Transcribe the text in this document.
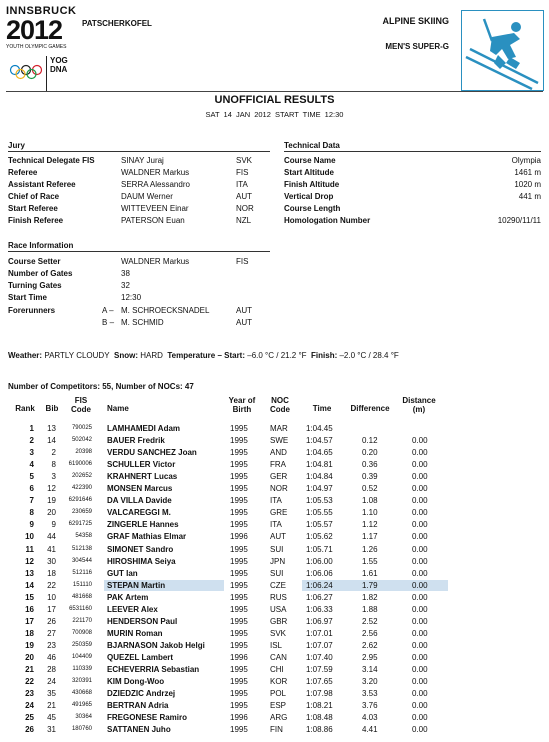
INNSBRUCK
2012
YOUTH OLYMPIC GAMES
YOG
DNA
PATSCHERKOFEL	ALPINE SKIING
MEN'S SUPER-G
UNOFFICIAL RESULTS
SAT 14 JAN 2012 START TIME 12:30
Jury
Technical Delegate FIS	SINAY Juraj	SVK
Referee	WALDNER Markus	FIS
Assistant Referee	SERRA Alessandro	ITA
Chief of Race	DAUM Werner	AUT
Start Referee	WITTEVEEN Einar	NOR
Finish Referee	PATERSON Euan	NZL
Technical Data
Course Name	Olympia
Start Altitude	1461 m
Finish Altitude	1020 m
Vertical Drop	441 m
Course Length
Homologation Number	10290/11/11
Race Information
Course Setter	WALDNER Markus	FIS
Number of Gates	38
Turning Gates	32
Start Time	12:30
Forerunners	A – M. SCHROECKSNADEL	AUT
B – M. SCHMID	AUT
Weather: PARTLY CLOUDY Snow: HARD Temperature – Start: –6.0 °C / 21.2 °F Finish: –2.0 °C / 28.4 °F
Number of Competitors: 55, Number of NOCs: 47
Rank	Bib
FIS Code	Name
Year of Birth
NOC Code	Time	Difference
Distance (m)
1	13	790025 LAMHAMEDI Adam	1995	MAR 1:04.45
2	14	502042 BAUER Fredrik	1995	SWE 1:04.57	0.12	0.00
3	2	20398 VERDU SANCHEZ Joan	1995	AND 1:04.65	0.20	0.00
4	8	6190006 SCHULLER Victor	1995	FRA	1:04.81	0.36	0.00
5	3	202652 KRAHNERT Lucas	1995	GER 1:04.84	0.39	0.00
6	12	422390 MONSEN Marcus	1995	NOR 1:04.97	0.52	0.00
7	19	6291646 DA VILLA Davide	1995	ITA	1:05.53	1.08	0.00
8	20	230659 VALCAREGGI M.	1995	GRE 1:05.55	1.10	0.00
9	9	6291725 ZINGERLE Hannes	1995	ITA	1:05.57	1.12	0.00
10	44	54358 GRAF Mathias Elmar	1996	AUT	1:05.62	1.17	0.00
11	41	512138 SIMONET Sandro	1995	SUI	1:05.71	1.26	0.00
12	30	304544 HIROSHIMA Seiya	1995	JPN	1:06.00	1.55	0.00
13	18	512116 GUT Ian	1995	SUI	1:06.06	1.61	0.00
14	22	151110 STEPAN Martin	1995	CZE	1:06.24	1.79	0.00
15	10	481668 PAK Artem	1995	RUS 1:06.27	1.82	0.00
16	17	6531160 LEEVER Alex	1995	USA 1:06.33	1.88	0.00
17	26	221170 HENDERSON Paul	1995	GBR 1:06.97	2.52	0.00
18	27	700908 MURIN Roman	1995	SVK 1:07.01	2.56	0.00
19	23	250359 BJARNASON Jakob Helgi	1995	ISL	1:07.07	2.62	0.00
20	46	104409 QUEZEL Lambert	1996	CAN 1:07.40	2.95	0.00
21	28	110339 ECHEVERRIA Sebastian	1995	CHI	1:07.59	3.14	0.00
22	24	320391 KIM Dong-Woo	1995	KOR 1:07.65	3.20	0.00
23	35	430668 DZIEDZIC Andrzej	1995	POL 1:07.98	3.53	0.00
24	21	491965 BERTRAN Adria	1995	ESP 1:08.21	3.76	0.00
25	45	30364 FREGONESE Ramiro	1996	ARG 1:08.48	4.03	0.00
26	31	180760 SATTANEN Juho	1995	FIN	1:08.86	4.41	0.00
